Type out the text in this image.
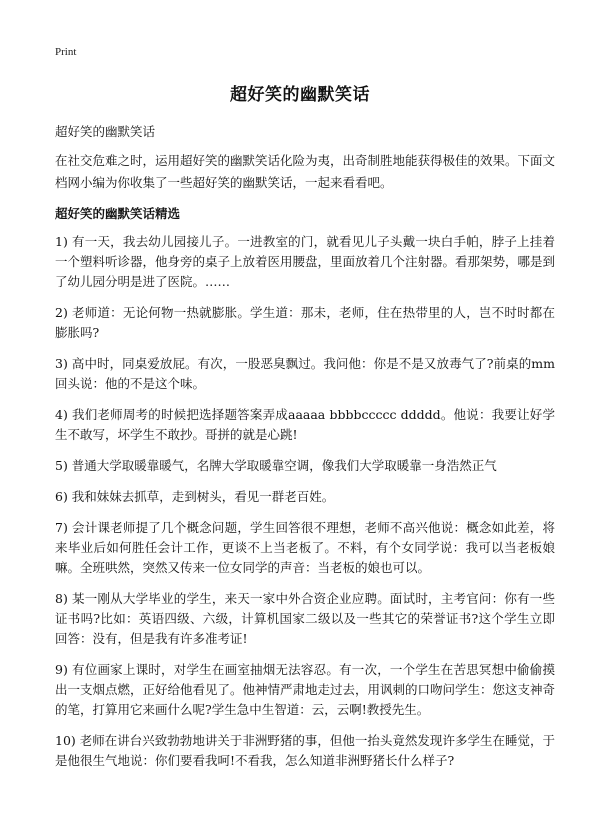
Print
超好笑的幽默笑话
超好笑的幽默笑话
在社交危难之时，运用超好笑的幽默笑话化险为夷，出奇制胜地能获得极佳的效果。下面文档网小编为你收集了一些超好笑的幽默笑话，一起来看看吧。
超好笑的幽默笑话精选
1) 有一天，我去幼儿园接儿子。一进教室的门，就看见儿子头戴一块白手帕，脖子上挂着一个塑料听诊器，他身旁的桌子上放着医用腰盘，里面放着几个注射器。看那架势，哪是到了幼儿园分明是进了医院。……
2) 老师道：无论何物一热就膨胀。学生道：那未，老师，住在热带里的人，岂不时时都在膨胀吗?
3) 高中时，同桌爱放屁。有次，一股恶臭飘过。我问他：你是不是又放毒气了?前桌的mm回头说：他的不是这个味。
4) 我们老师周考的时候把选择题答案弄成aaaaa bbbbccccc ddddd。他说：我要让好学生不敢写，坏学生不敢抄。哥拼的就是心跳!
5) 普通大学取暖靠暖气，名牌大学取暖靠空调，像我们大学取暖靠一身浩然正气
6) 我和妹妹去抓草，走到树头，看见一群老百姓。
7) 会计课老师提了几个概念问题，学生回答很不理想，老师不高兴他说：概念如此差，将来毕业后如何胜任会计工作，更谈不上当老板了。不料，有个女同学说：我可以当老板娘嘛。全班哄然，突然又传来一位女同学的声音：当老板的娘也可以。
8) 某一刚从大学毕业的学生，来天一家中外合资企业应聘。面试时，主考官问：你有一些证书吗?比如：英语四级、六级，计算机国家二级以及一些其它的荣誉证书?这个学生立即回答：没有，但是我有许多准考证!
9) 有位画家上课时，对学生在画室抽烟无法容忍。有一次，一个学生在苦思冥想中偷偷摸出一支烟点燃，正好给他看见了。他神情严肃地走过去，用讽刺的口吻问学生：您这支神奇的笔，打算用它来画什么呢?学生急中生智道：云，云啊!教授先生。
10) 老师在讲台兴致勃勃地讲关于非洲野猪的事，但他一抬头竟然发现许多学生在睡觉，于是他很生气地说：你们要看我呵!不看我，怎么知道非洲野猪长什么样子?
